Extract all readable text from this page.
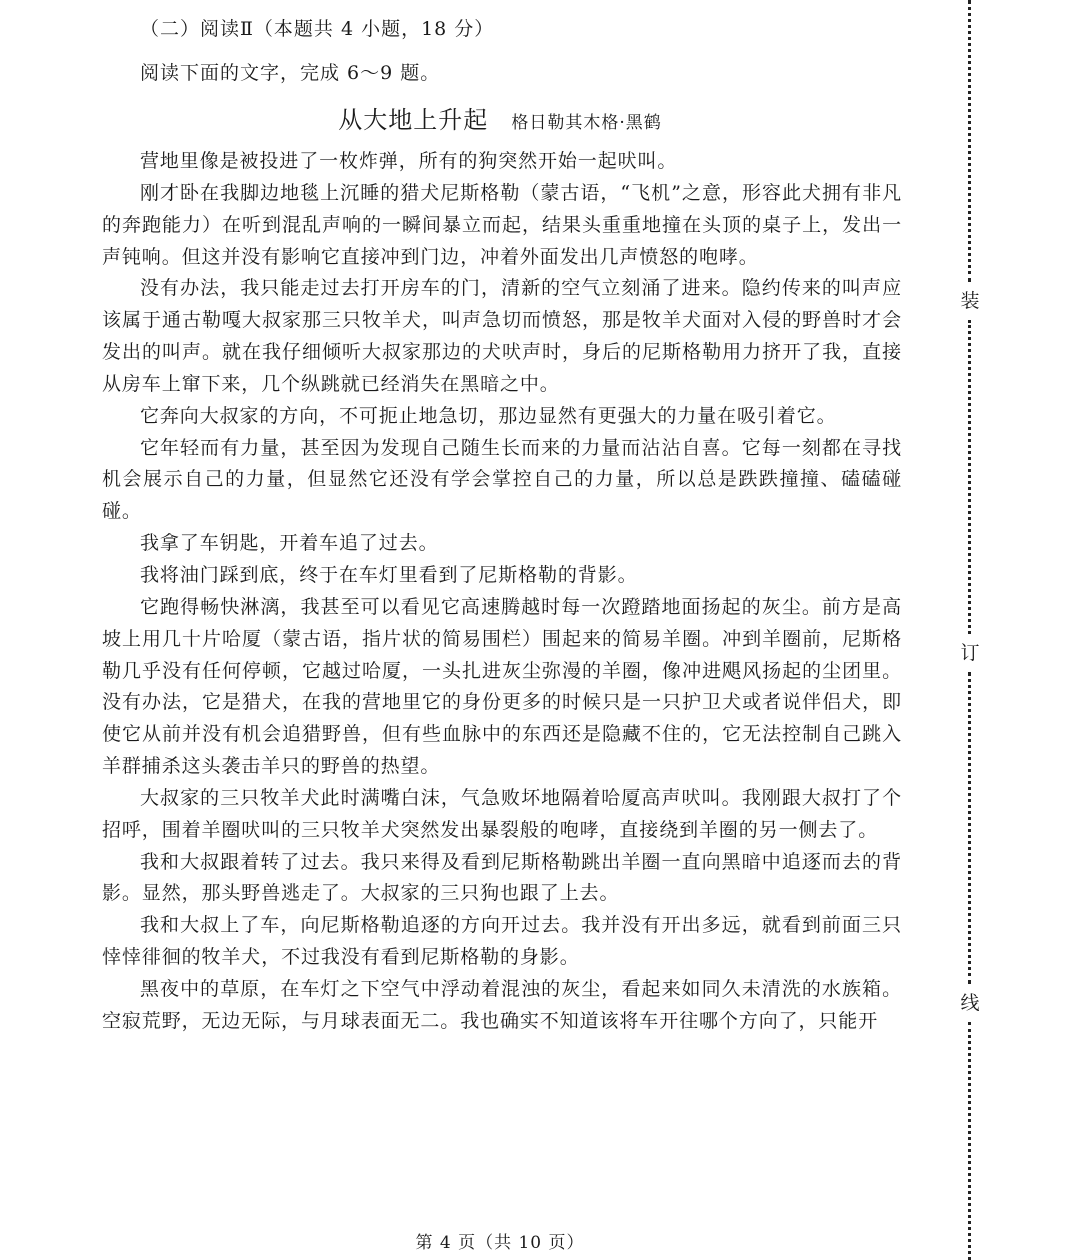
（二）阅读Ⅱ（本题共 4 小题，18 分）
阅读下面的文字，完成 6～9 题。
从大地上升起 格日勒其木格·黑鹤

营地里像是被投进了一枚炸弹，所有的狗突然开始一起吠叫。

刚才卧在我脚边地毯上沉睡的猎犬尼斯格勒（蒙古语，“飞机”之意，形容此犬拥有非凡的奔跑能力）在听到混乱声响的一瞬间暴立而起，结果头重重地撞在头顶的桌子上，发出一声钝响。但这并没有影响它直接冲到门边，冲着外面发出几声愤怒的咆哮。

没有办法，我只能走过去打开房车的门，清新的空气立刻涌了进来。隐约传来的叫声应该属于通古勒嘎大叔家那三只牧羊犬，叫声急切而愤怒，那是牧羊犬面对入侵的野兽时才会发出的叫声。就在我仔细倾听大叔家那边的犬吠声时，身后的尼斯格勒用力挤开了我，直接从房车上窜下来，几个纵跳就已经消失在黑暗之中。

它奔向大叔家的方向，不可扼止地急切，那边显然有更强大的力量在吸引着它。

它年轻而有力量，甚至因为发现自己随生长而来的力量而沾沾自喜。它每一刻都在寻找机会展示自己的力量，但显然它还没有学会掌控自己的力量，所以总是跌跌撞撞、磕磕碰碰。

我拿了车钥匙，开着车追了过去。

我将油门踩到底，终于在车灯里看到了尼斯格勒的背影。

它跑得畅快淋漓，我甚至可以看见它高速腾越时每一次蹬踏地面扬起的灰尘。前方是高坡上用几十片哈厦（蒙古语，指片状的简易围栏）围起来的简易羊圈。冲到羊圈前，尼斯格勒几乎没有任何停顿，它越过哈厦，一头扎进灰尘弥漫的羊圈，像冲进飓风扬起的尘团里。没有办法，它是猎犬，在我的营地里它的身份更多的时候只是一只护卫犬或者说伴侣犬，即使它从前并没有机会追猎野兽，但有些血脉中的东西还是隐藏不住的，它无法控制自己跳入羊群捕杀这头袭击羊只的野兽的热望。

大叔家的三只牧羊犬此时满嘴白沫，气急败坏地隔着哈厦高声吠叫。我刚跟大叔打了个招呼，围着羊圈吠叫的三只牧羊犬突然发出暴裂般的咆哮，直接绕到羊圈的另一侧去了。

我和大叔跟着转了过去。我只来得及看到尼斯格勒跳出羊圈一直向黑暗中追逐而去的背影。显然，那头野兽逃走了。大叔家的三只狗也跟了上去。

我和大叔上了车，向尼斯格勒追逐的方向开过去。我并没有开出多远，就看到前面三只悻悻徘徊的牧羊犬，不过我没有看到尼斯格勒的身影。

黑夜中的草原，在车灯之下空气中浮动着混浊的灰尘，看起来如同久未清洗的水族箱。空寂荒野，无边无际，与月球表面无二。我也确实不知道该将车开往哪个方向了，只能开

第 4 页（共 10 页）
装
订
线
